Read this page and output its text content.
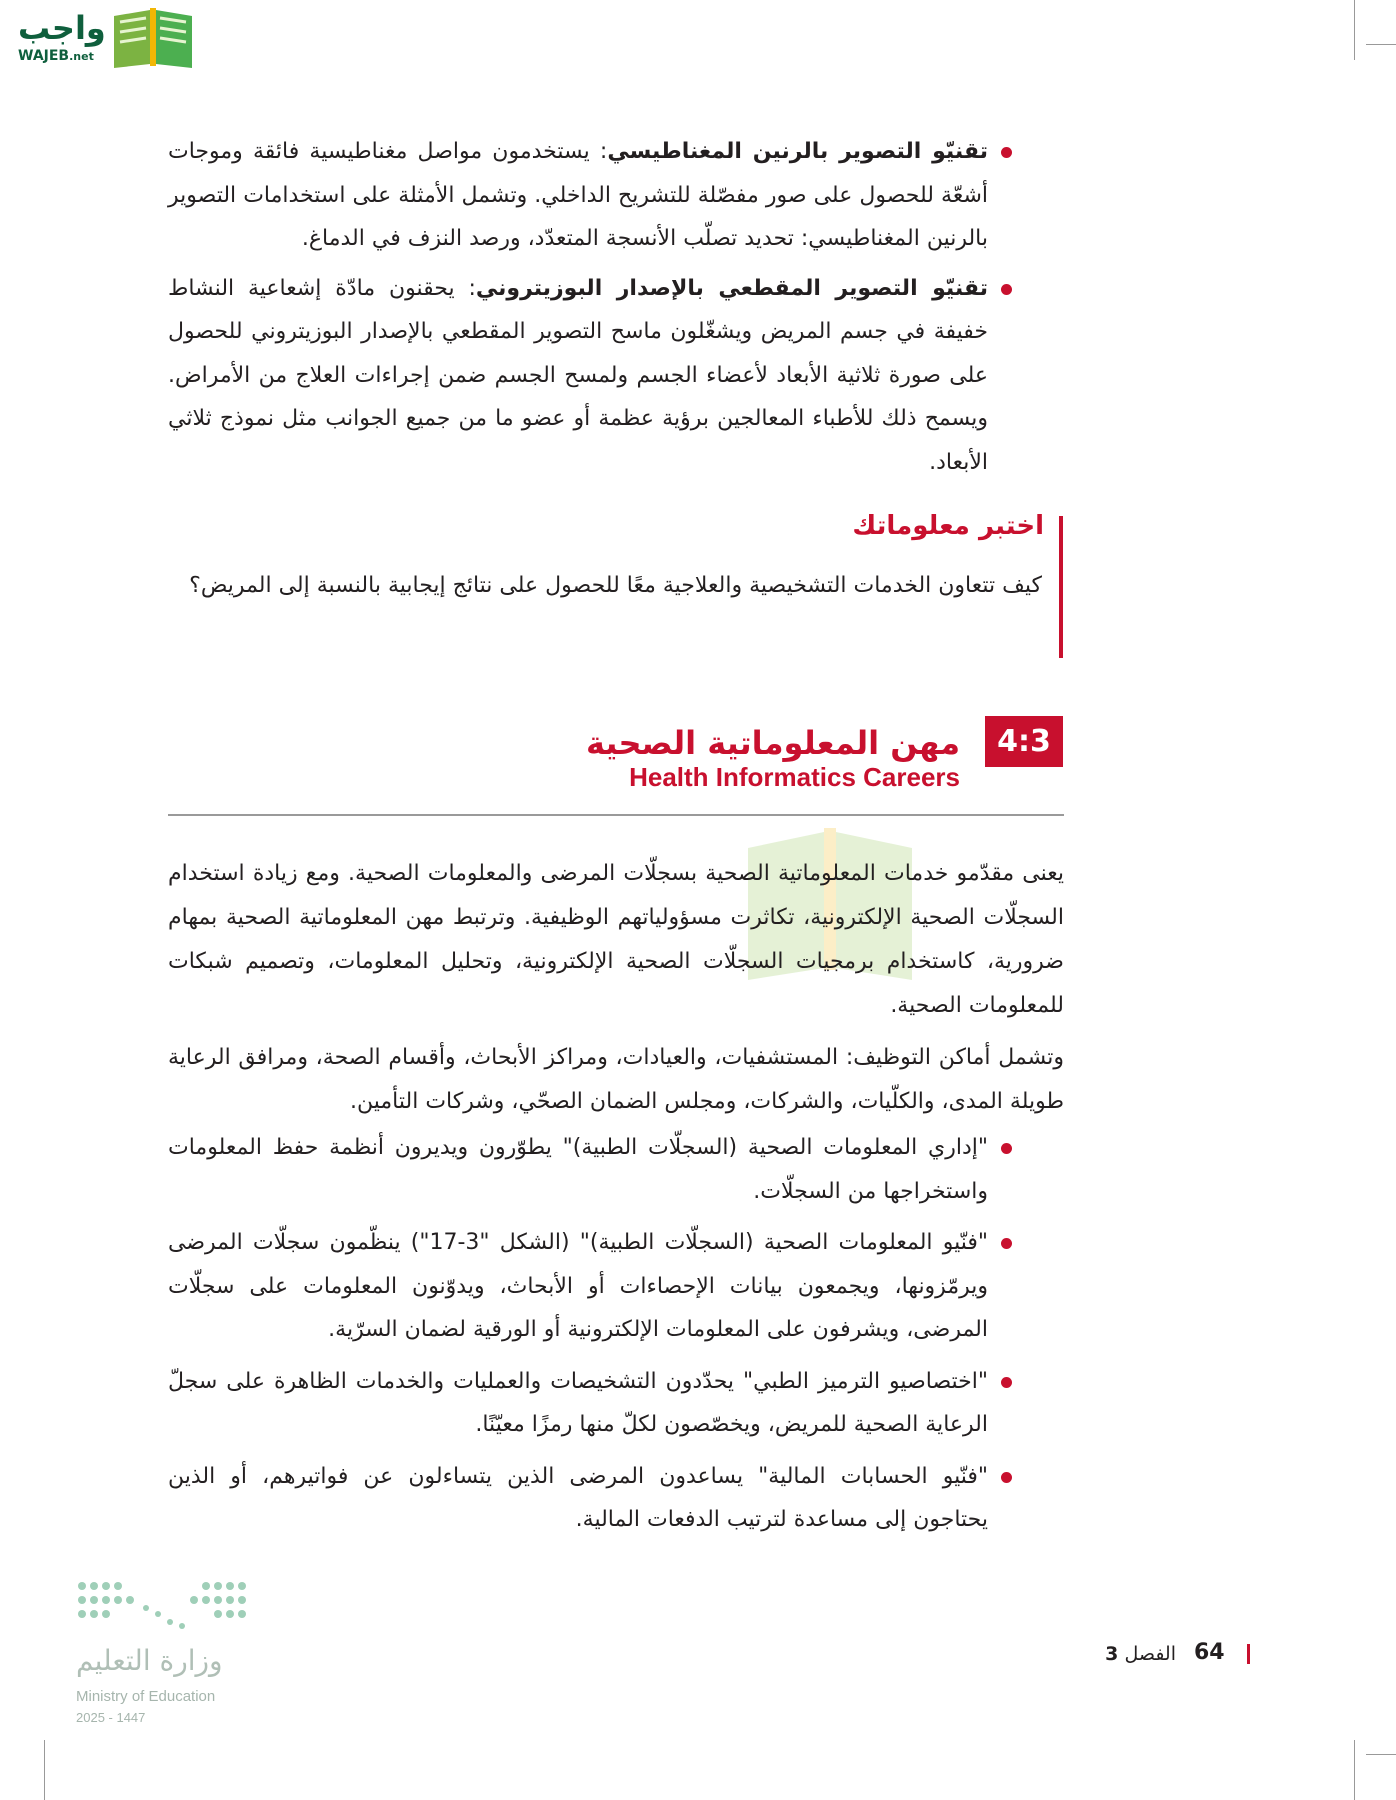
واجب
WAJEB.net
تقنيّو التصوير بالرنين المغناطيسي: يستخدمون مواصل مغناطيسية فائقة وموجات أشعّة للحصول على صور مفصّلة للتشريح الداخلي. وتشمل الأمثلة على استخدامات التصوير بالرنين المغناطيسي: تحديد تصلّب الأنسجة المتعدّد، ورصد النزف في الدماغ.
تقنيّو التصوير المقطعي بالإصدار البوزيتروني: يحقنون مادّة إشعاعية النشاط خفيفة في جسم المريض ويشغّلون ماسح التصوير المقطعي بالإصدار البوزيتروني للحصول على صورة ثلاثية الأبعاد لأعضاء الجسم ولمسح الجسم ضمن إجراءات العلاج من الأمراض. ويسمح ذلك للأطباء المعالجين برؤية عظمة أو عضو ما من جميع الجوانب مثل نموذج ثلاثي الأبعاد.
اختبر معلوماتك
كيف تتعاون الخدمات التشخيصية والعلاجية معًا للحصول على نتائج إيجابية بالنسبة إلى المريض؟
4:3
مهن المعلوماتية الصحية
Health Informatics Careers

يعنى مقدّمو خدمات المعلوماتية الصحية بسجلّات المرضى والمعلومات الصحية. ومع زيادة استخدام السجلّات الصحية الإلكترونية، تكاثرت مسؤولياتهم الوظيفية. وترتبط مهن المعلوماتية الصحية بمهام ضرورية، كاستخدام برمجيات السجلّات الصحية الإلكترونية، وتحليل المعلومات، وتصميم شبكات للمعلومات الصحية.

وتشمل أماكن التوظيف: المستشفيات، والعيادات، ومراكز الأبحاث، وأقسام الصحة، ومرافق الرعاية طويلة المدى، والكلّيات، والشركات، ومجلس الضمان الصحّي، وشركات التأمين.

"إداري المعلومات الصحية (السجلّات الطبية)" يطوّرون ويديرون أنظمة حفظ المعلومات واستخراجها من السجلّات.
"فنّيو المعلومات الصحية (السجلّات الطبية)" (الشكل "3-17") ينظّمون سجلّات المرضى ويرمّزونها، ويجمعون بيانات الإحصاءات أو الأبحاث، ويدوّنون المعلومات على سجلّات المرضى، ويشرفون على المعلومات الإلكترونية أو الورقية لضمان السرّية.
"اختصاصيو الترميز الطبي" يحدّدون التشخيصات والعمليات والخدمات الظاهرة على سجلّ الرعاية الصحية للمريض، ويخصّصون لكلّ منها رمزًا معيّنًا.
"فنّيو الحسابات المالية" يساعدون المرضى الذين يتساءلون عن فواتيرهم، أو الذين يحتاجون إلى مساعدة لترتيب الدفعات المالية.
وزارة التعليم
Ministry of Education
2025 - 1447
64
الفصل 3
